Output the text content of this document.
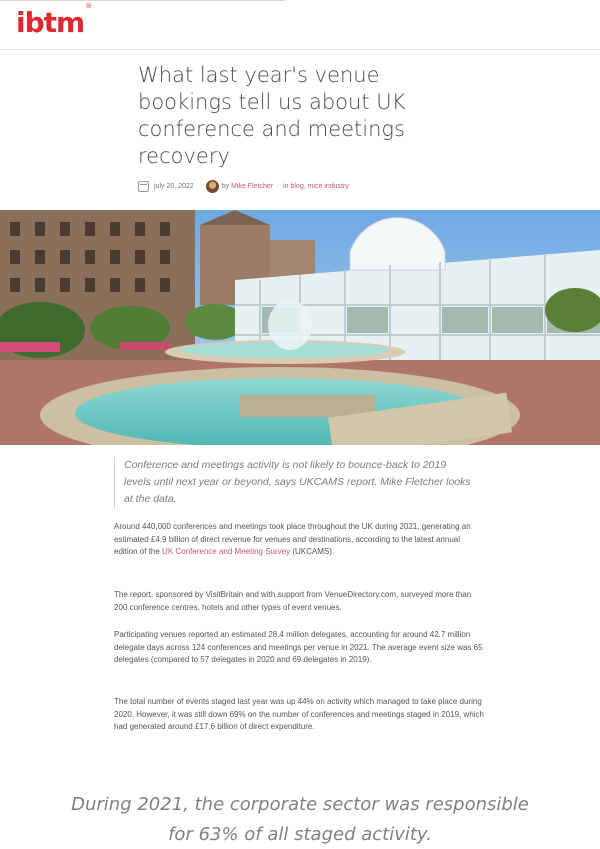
ibtm®
What last year's venue bookings tell us about UK conference and meetings recovery
july 20, 2022	by
Mike Fletcher in
blog, mice industry
Conference and meetings activity is not likely to bounce-back to 2019 levels until next year or beyond, says UKCAMS report. Mike Fletcher looks at the data.

Around 440,000 conferences and meetings took place throughout the UK during 2021, generating an estimated £4.9 billion of direct revenue for venues and destinations, according to the latest annual edition of the UK Conference and Meeting Survey (UKCAMS).

The report, sponsored by VisitBritain and with support from VenueDirectory.com, surveyed more than 200 conference centres, hotels and other types of event venues.

Participating venues reported an estimated 28.4 million delegates, accounting for around 42.7 million delegate days across 124 conferences and meetings per venue in 2021. The average event size was 65 delegates (compared to 57 delegates in 2020 and 69 delegates in 2019).

The total number of events staged last year was up 44% on activity which managed to take place during 2020. However, it was still down 69% on the number of conferences and meetings staged in 2019, which had generated around £17.6 billion of direct expenditure.

During 2021, the corporate sector was responsible for 63% of all staged activity.
